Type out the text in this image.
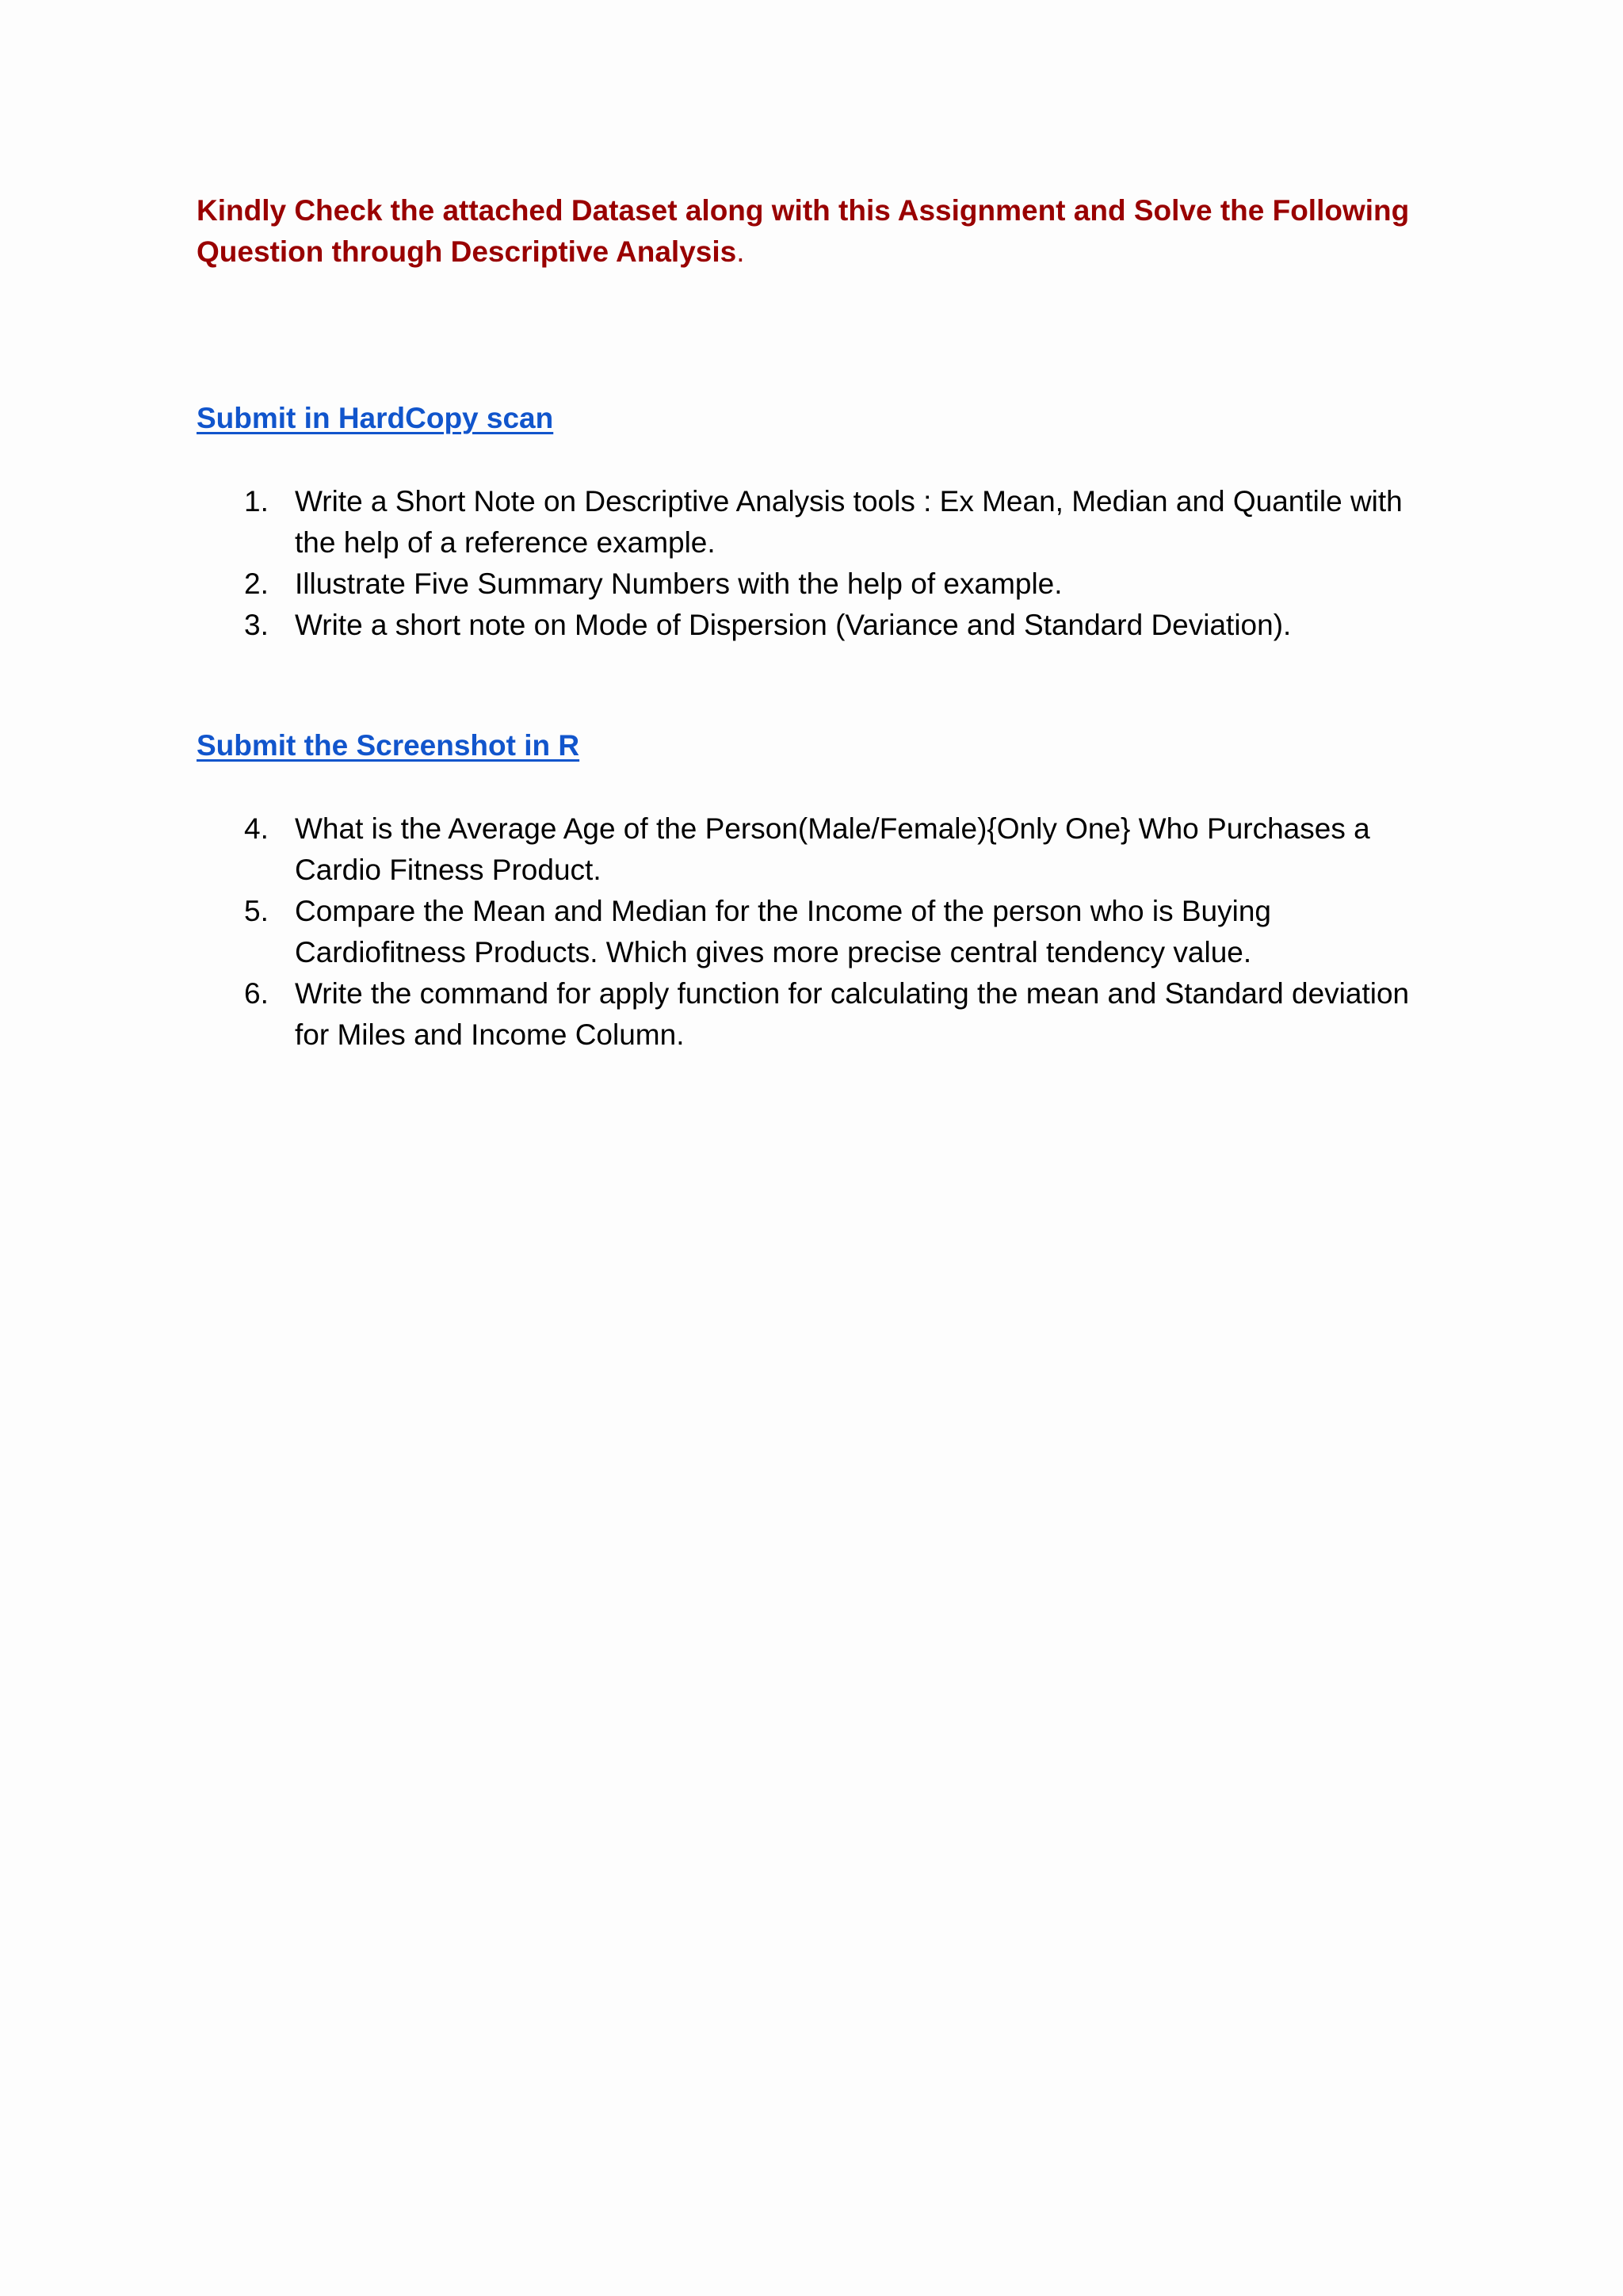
Kindly Check the attached Dataset along with this Assignment and Solve the Following Question through Descriptive Analysis.

Submit in HardCopy scan

1. Write a Short Note on Descriptive Analysis tools : Ex Mean, Median and Quantile with the help of a reference example.
2. Illustrate Five Summary Numbers with the help of example.
3. Write a short note on Mode of Dispersion (Variance and Standard Deviation).

Submit the Screenshot in R

4. What is the Average Age of the Person(Male/Female){Only One} Who Purchases a Cardio Fitness Product.
5. Compare the Mean and Median for the Income of the person who is Buying Cardiofitness Products. Which gives more precise central tendency value.
6. Write the command for apply function for calculating the mean and Standard deviation for Miles and Income Column.
